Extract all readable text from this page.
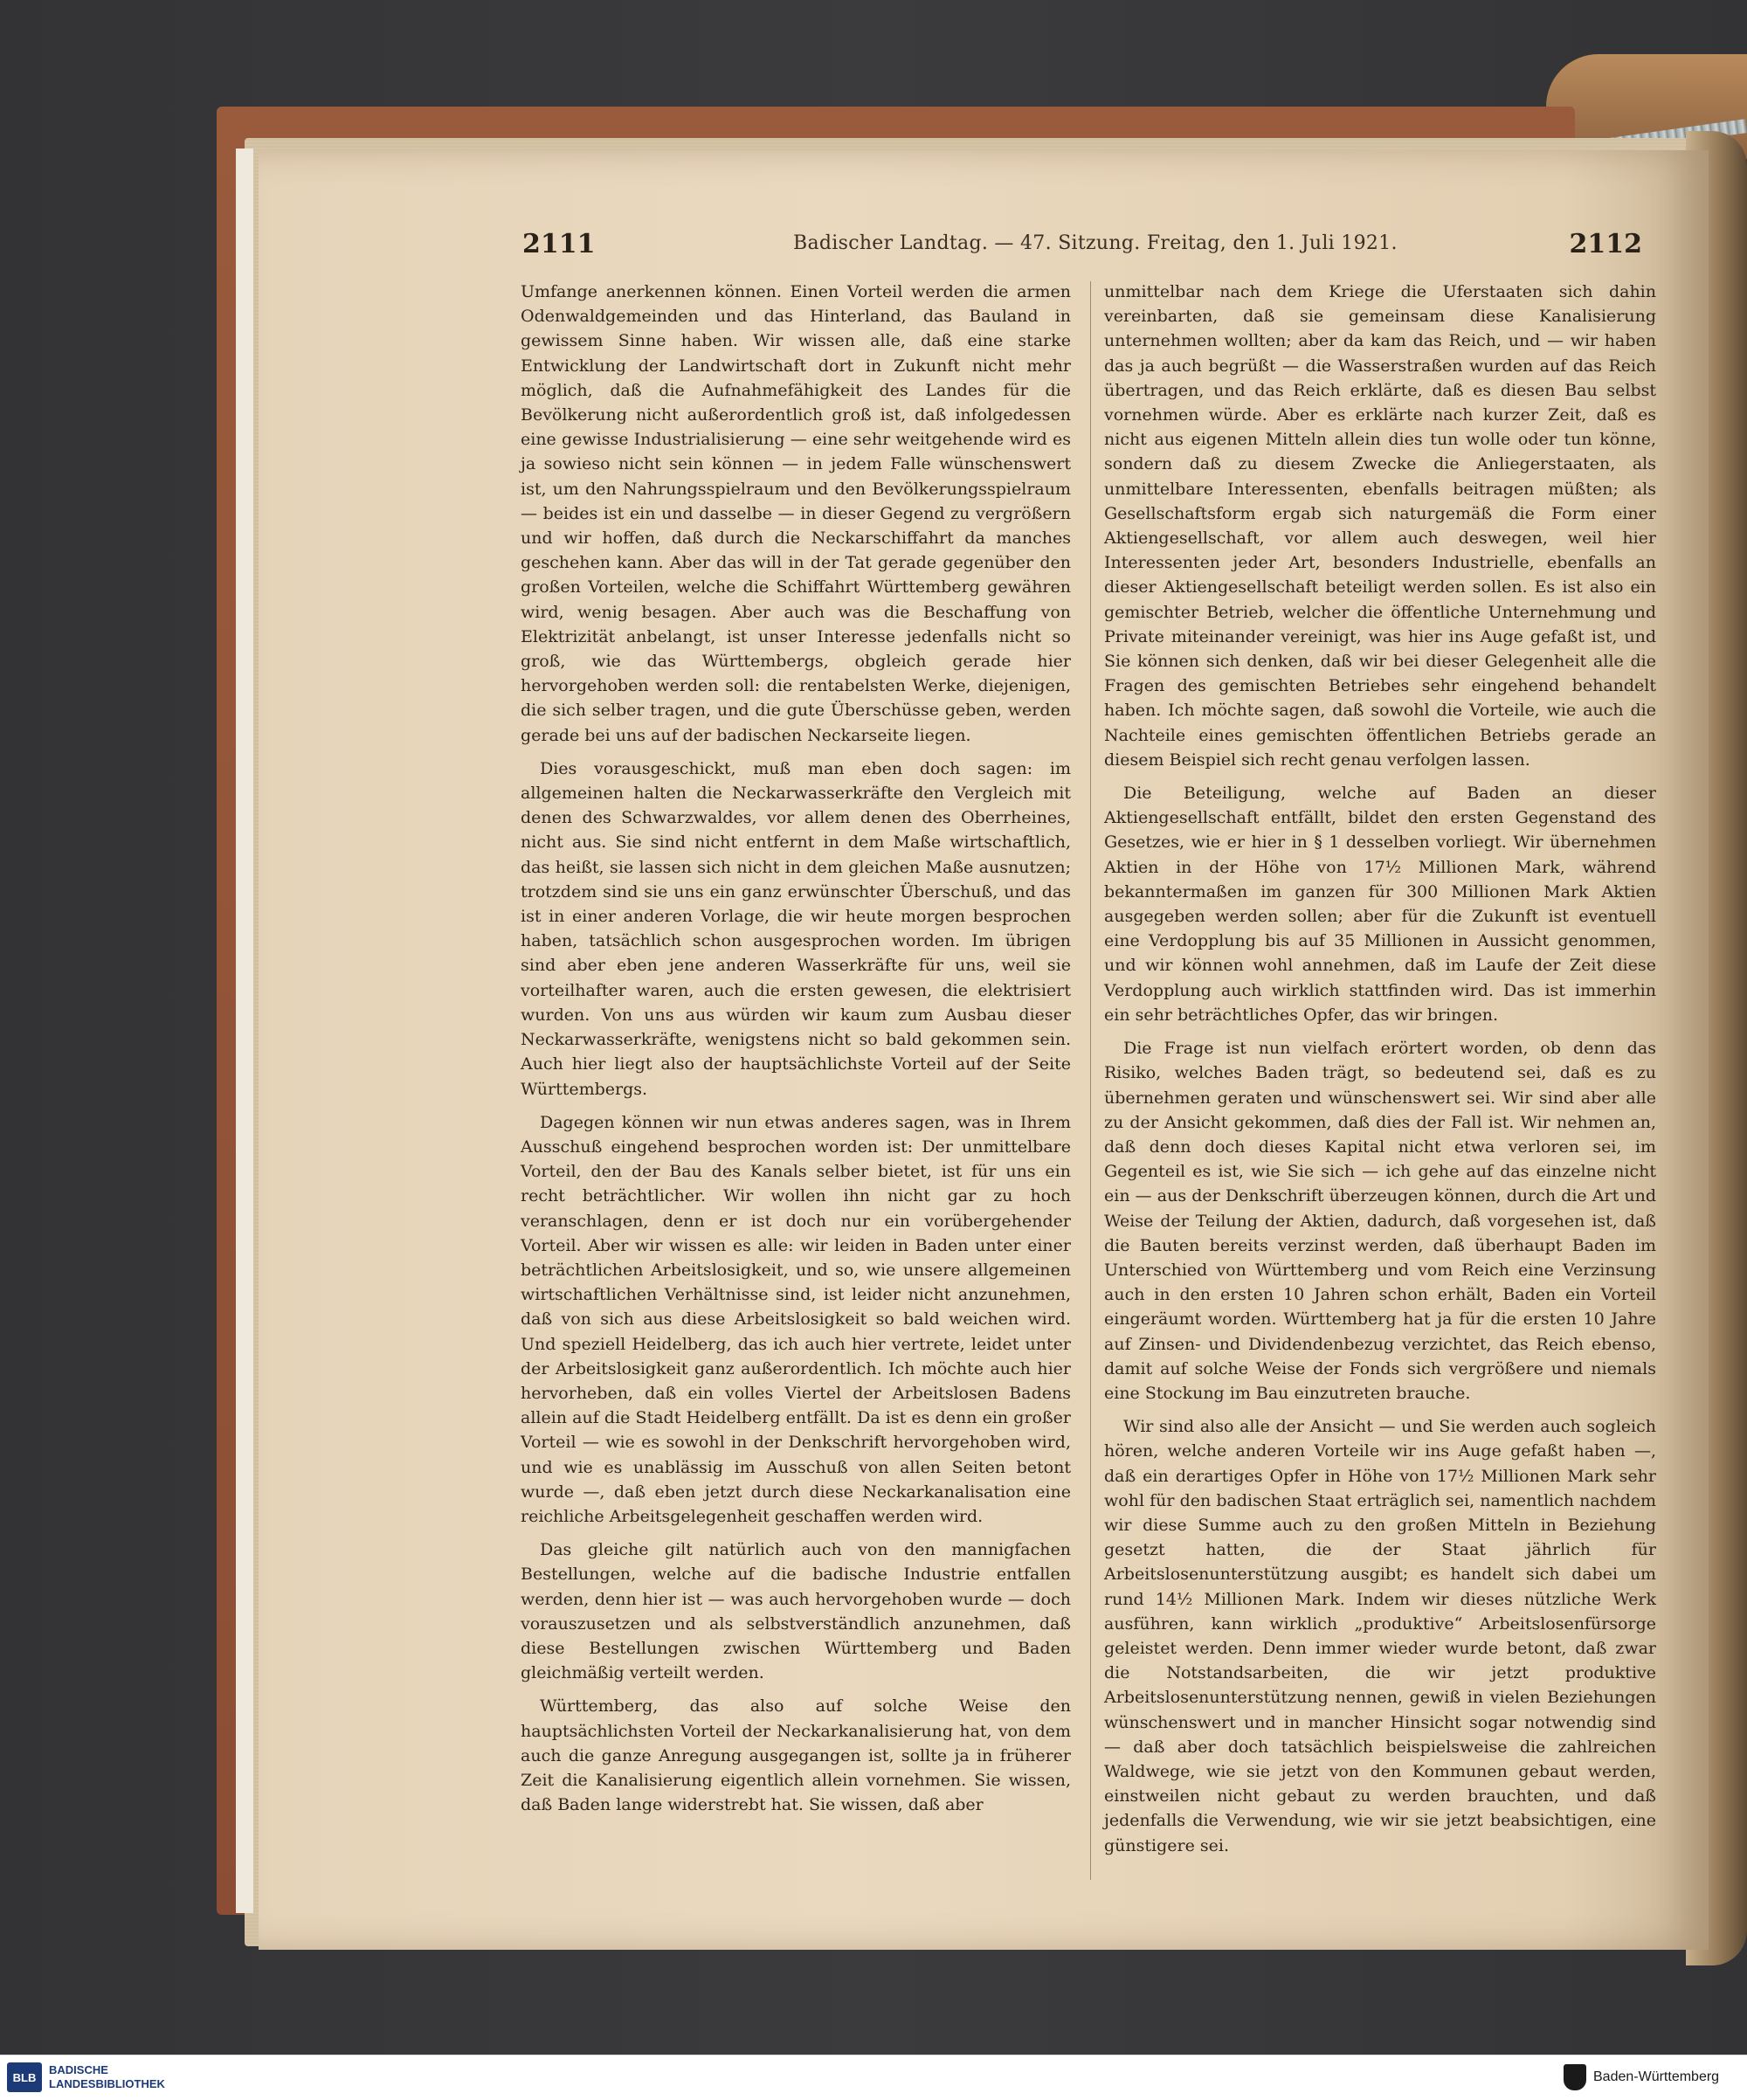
2111	Badischer Landtag. — 47. Sitzung. Freitag, den 1. Juli 1921.	2112

Umfange anerkennen können. Einen Vorteil werden die armen Odenwaldgemeinden und das Hinterland, das Bauland in gewissem Sinne haben. Wir wissen alle, daß eine starke Entwicklung der Landwirtschaft dort in Zukunft nicht mehr möglich, daß die Aufnahmefähigkeit des Landes für die Bevölkerung nicht außerordentlich groß ist, daß infolgedessen eine gewisse Industrialisierung — eine sehr weitgehende wird es ja sowieso nicht sein können — in jedem Falle wünschenswert ist, um den Nahrungsspielraum und den Bevölkerungsspielraum — beides ist ein und dasselbe — in dieser Gegend zu vergrößern und wir hoffen, daß durch die Neckarschiffahrt da manches geschehen kann. Aber das will in der Tat gerade gegenüber den großen Vorteilen, welche die Schiffahrt Württemberg gewähren wird, wenig besagen. Aber auch was die Beschaffung von Elektrizität anbelangt, ist unser Interesse jedenfalls nicht so groß, wie das Württembergs, obgleich gerade hier hervorgehoben werden soll: die rentabelsten Werke, diejenigen, die sich selber tragen, und die gute Überschüsse geben, werden gerade bei uns auf der badischen Neckarseite liegen.

Dies vorausgeschickt, muß man eben doch sagen: im allgemeinen halten die Neckarwasserkräfte den Vergleich mit denen des Schwarzwaldes, vor allem denen des Oberrheines, nicht aus. Sie sind nicht entfernt in dem Maße wirtschaftlich, das heißt, sie lassen sich nicht in dem gleichen Maße ausnutzen; trotzdem sind sie uns ein ganz erwünschter Überschuß, und das ist in einer anderen Vorlage, die wir heute morgen besprochen haben, tatsächlich schon ausgesprochen worden. Im übrigen sind aber eben jene anderen Wasserkräfte für uns, weil sie vorteilhafter waren, auch die ersten gewesen, die elektrisiert wurden. Von uns aus würden wir kaum zum Ausbau dieser Neckarwasserkräfte, wenigstens nicht so bald gekommen sein. Auch hier liegt also der hauptsächlichste Vorteil auf der Seite Württembergs.

Dagegen können wir nun etwas anderes sagen, was in Ihrem Ausschuß eingehend besprochen worden ist: Der unmittelbare Vorteil, den der Bau des Kanals selber bietet, ist für uns ein recht beträchtlicher. Wir wollen ihn nicht gar zu hoch veranschlagen, denn er ist doch nur ein vorübergehender Vorteil. Aber wir wissen es alle: wir leiden in Baden unter einer beträchtlichen Arbeitslosigkeit, und so, wie unsere allgemeinen wirtschaftlichen Verhältnisse sind, ist leider nicht anzunehmen, daß von sich aus diese Arbeitslosigkeit so bald weichen wird. Und speziell Heidelberg, das ich auch hier vertrete, leidet unter der Arbeitslosigkeit ganz außerordentlich. Ich möchte auch hier hervorheben, daß ein volles Viertel der Arbeitslosen Badens allein auf die Stadt Heidelberg entfällt. Da ist es denn ein großer Vorteil — wie es sowohl in der Denkschrift hervorgehoben wird, und wie es unablässig im Ausschuß von allen Seiten betont wurde —, daß eben jetzt durch diese Neckarkanalisation eine reichliche Arbeitsgelegenheit geschaffen werden wird.

Das gleiche gilt natürlich auch von den mannigfachen Bestellungen, welche auf die badische Industrie entfallen werden, denn hier ist — was auch hervorgehoben wurde — doch vorauszusetzen und als selbstverständlich anzunehmen, daß diese Bestellungen zwischen Württemberg und Baden gleichmäßig verteilt werden.

Württemberg, das also auf solche Weise den hauptsächlichsten Vorteil der Neckarkanalisierung hat, von dem auch die ganze Anregung ausgegangen ist, sollte ja in früherer Zeit die Kanalisierung eigentlich allein vornehmen. Sie wissen, daß Baden lange widerstrebt hat. Sie wissen, daß aber

unmittelbar nach dem Kriege die Uferstaaten sich dahin vereinbarten, daß sie gemeinsam diese Kanalisierung unternehmen wollten; aber da kam das Reich, und — wir haben das ja auch begrüßt — die Wasserstraßen wurden auf das Reich übertragen, und das Reich erklärte, daß es diesen Bau selbst vornehmen würde. Aber es erklärte nach kurzer Zeit, daß es nicht aus eigenen Mitteln allein dies tun wolle oder tun könne, sondern daß zu diesem Zwecke die Anliegerstaaten, als unmittelbare Interessenten, ebenfalls beitragen müßten; als Gesellschaftsform ergab sich naturgemäß die Form einer Aktiengesellschaft, vor allem auch deswegen, weil hier Interessenten jeder Art, besonders Industrielle, ebenfalls an dieser Aktiengesellschaft beteiligt werden sollen. Es ist also ein gemischter Betrieb, welcher die öffentliche Unternehmung und Private miteinander vereinigt, was hier ins Auge gefaßt ist, und Sie können sich denken, daß wir bei dieser Gelegenheit alle die Fragen des gemischten Betriebes sehr eingehend behandelt haben. Ich möchte sagen, daß sowohl die Vorteile, wie auch die Nachteile eines gemischten öffentlichen Betriebs gerade an diesem Beispiel sich recht genau verfolgen lassen.

Die Beteiligung, welche auf Baden an dieser Aktiengesellschaft entfällt, bildet den ersten Gegenstand des Gesetzes, wie er hier in § 1 desselben vorliegt. Wir übernehmen Aktien in der Höhe von 17½ Millionen Mark, während bekanntermaßen im ganzen für 300 Millionen Mark Aktien ausgegeben werden sollen; aber für die Zukunft ist eventuell eine Verdopplung bis auf 35 Millionen in Aussicht genommen, und wir können wohl annehmen, daß im Laufe der Zeit diese Verdopplung auch wirklich stattfinden wird. Das ist immerhin ein sehr beträchtliches Opfer, das wir bringen.

Die Frage ist nun vielfach erörtert worden, ob denn das Risiko, welches Baden trägt, so bedeutend sei, daß es zu übernehmen geraten und wünschenswert sei. Wir sind aber alle zu der Ansicht gekommen, daß dies der Fall ist. Wir nehmen an, daß denn doch dieses Kapital nicht etwa verloren sei, im Gegenteil es ist, wie Sie sich — ich gehe auf das einzelne nicht ein — aus der Denkschrift überzeugen können, durch die Art und Weise der Teilung der Aktien, dadurch, daß vorgesehen ist, daß die Bauten bereits verzinst werden, daß überhaupt Baden im Unterschied von Württemberg und vom Reich eine Verzinsung auch in den ersten 10 Jahren schon erhält, Baden ein Vorteil eingeräumt worden. Württemberg hat ja für die ersten 10 Jahre auf Zinsen- und Dividendenbezug verzichtet, das Reich ebenso, damit auf solche Weise der Fonds sich vergrößere und niemals eine Stockung im Bau einzutreten brauche.

Wir sind also alle der Ansicht — und Sie werden auch sogleich hören, welche anderen Vorteile wir ins Auge gefaßt haben —, daß ein derartiges Opfer in Höhe von 17½ Millionen Mark sehr wohl für den badischen Staat erträglich sei, namentlich nachdem wir diese Summe auch zu den großen Mitteln in Beziehung gesetzt hatten, die der Staat jährlich für Arbeitslosenunterstützung ausgibt; es handelt sich dabei um rund 14½ Millionen Mark. Indem wir dieses nützliche Werk ausführen, kann wirklich „produktive“ Arbeitslosenfürsorge geleistet werden. Denn immer wieder wurde betont, daß zwar die Notstandsarbeiten, die wir jetzt produktive Arbeitslosenunterstützung nennen, gewiß in vielen Beziehungen wünschenswert und in mancher Hinsicht sogar notwendig sind — daß aber doch tatsächlich beispielsweise die zahlreichen Waldwege, wie sie jetzt von den Kommunen gebaut werden, einstweilen nicht gebaut zu werden brauchten, und daß jedenfalls die Verwendung, wie wir sie jetzt beabsichtigen, eine günstigere sei.

BLB
BADISCHE
LANDESBIBLIOTHEK	Baden-Württemberg
